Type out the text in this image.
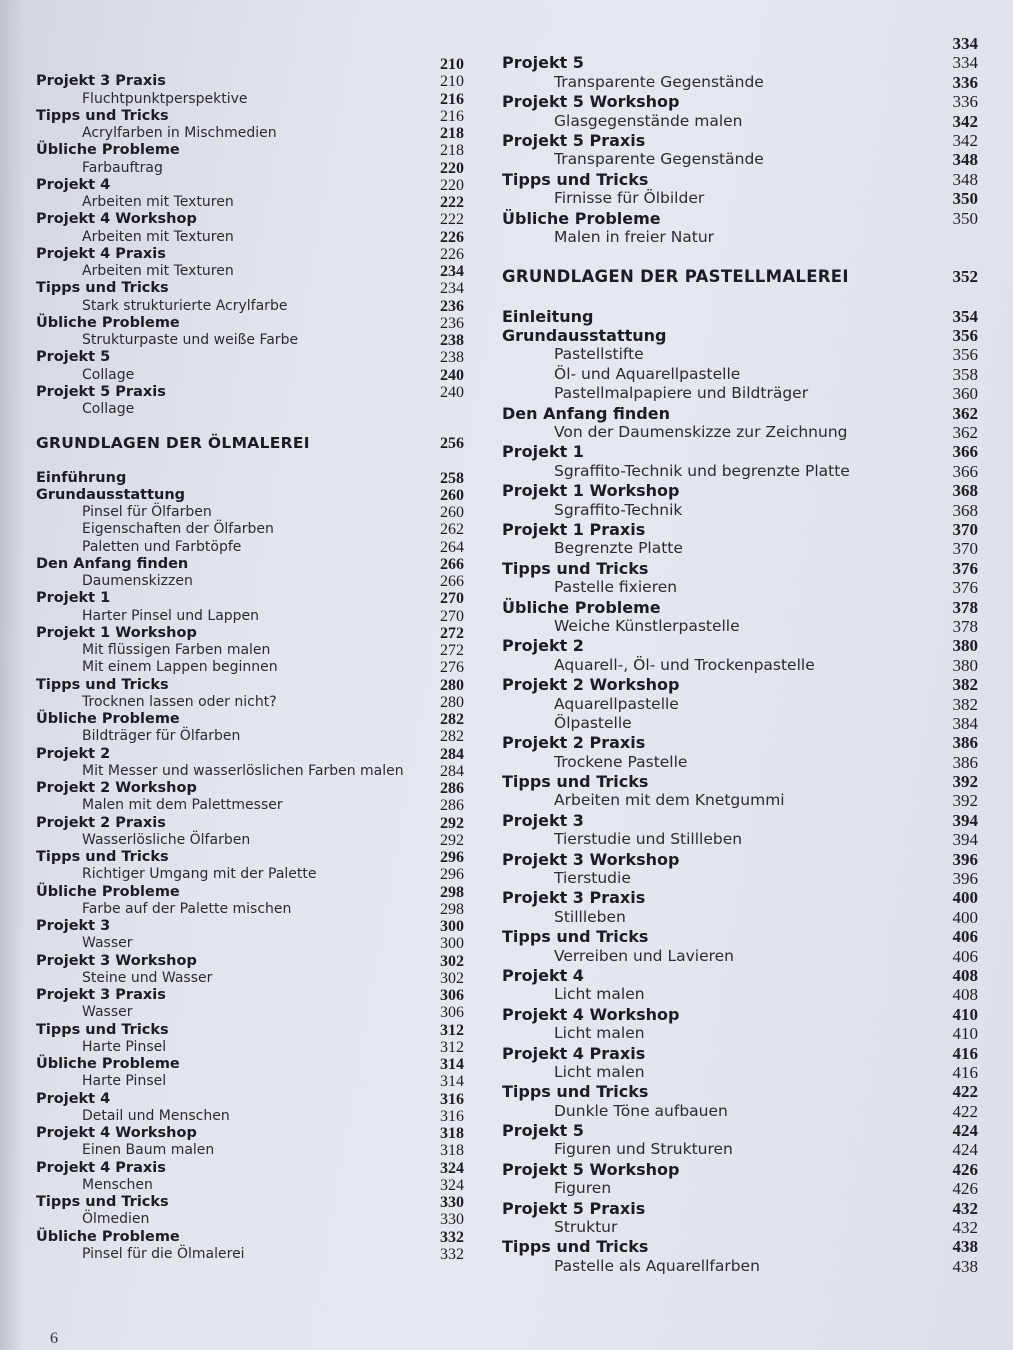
210
Projekt 3 Praxis	210
Fluchtpunktperspektive	216
Tipps und Tricks	216
Acrylfarben in Mischmedien	218
Übliche Probleme	218
Farbauftrag	220
Projekt 4	220
Arbeiten mit Texturen	222
Projekt 4 Workshop	222
Arbeiten mit Texturen	226
Projekt 4 Praxis	226
Arbeiten mit Texturen	234
Tipps und Tricks	234
Stark strukturierte Acrylfarbe	236
Übliche Probleme	236
Strukturpaste und weiße Farbe	238
Projekt 5	238
Collage	240
Projekt 5 Praxis	240
Collage
GRUNDLAGEN DER ÖLMALEREI	256
Einführung	258
Grundausstattung	260
Pinsel für Ölfarben	260
Eigenschaften der Ölfarben	262
Paletten und Farbtöpfe	264
Den Anfang finden	266
Daumenskizzen	266
Projekt 1	270
Harter Pinsel und Lappen	270
Projekt 1 Workshop	272
Mit flüssigen Farben malen	272
Mit einem Lappen beginnen	276
Tipps und Tricks	280
Trocknen lassen oder nicht?	280
Übliche Probleme	282
Bildträger für Ölfarben	282
Projekt 2	284
Mit Messer und wasserlöslichen Farben malen 284
Projekt 2 Workshop	286
Malen mit dem Palettmesser	286
Projekt 2 Praxis	292
Wasserlösliche Ölfarben	292
Tipps und Tricks	296
Richtiger Umgang mit der Palette	296
Übliche Probleme	298
Farbe auf der Palette mischen	298
Projekt 3	300
Wasser	300
Projekt 3 Workshop	302
Steine und Wasser	302
Projekt 3 Praxis	306
Wasser	306
Tipps und Tricks	312
Harte Pinsel	312
Übliche Probleme	314
Harte Pinsel	314
Projekt 4	316
Detail und Menschen	316
Projekt 4 Workshop	318
Einen Baum malen	318
Projekt 4 Praxis	324
Menschen	324
Tipps und Tricks	330
Ölmedien	330
Übliche Probleme	332
Pinsel für die Ölmalerei	332
334
Projekt 5	334
Transparente Gegenstände	336
Projekt 5 Workshop	336
Glasgegenstände malen	342
Projekt 5 Praxis	342
Transparente Gegenstände	348
Tipps und Tricks	348
Firnisse für Ölbilder	350
Übliche Probleme	350
Malen in freier Natur
GRUNDLAGEN DER PASTELLMALEREI	352
Einleitung	354
Grundausstattung	356
Pastellstifte	356
Öl- und Aquarellpastelle	358
Pastellmalpapiere und Bildträger	360
Den Anfang finden	362
Von der Daumenskizze zur Zeichnung	362
Projekt 1	366
Sgraffito-Technik und begrenzte Platte	366
Projekt 1 Workshop	368
Sgraffito-Technik	368
Projekt 1 Praxis	370
Begrenzte Platte	370
Tipps und Tricks	376
Pastelle fixieren	376
Übliche Probleme	378
Weiche Künstlerpastelle	378
Projekt 2	380
Aquarell-, Öl- und Trockenpastelle	380
Projekt 2 Workshop	382
Aquarellpastelle	382
Ölpastelle	384
Projekt 2 Praxis	386
Trockene Pastelle	386
Tipps und Tricks	392
Arbeiten mit dem Knetgummi	392
Projekt 3	394
Tierstudie und Stillleben	394
Projekt 3 Workshop	396
Tierstudie	396
Projekt 3 Praxis	400
Stillleben	400
Tipps und Tricks	406
Verreiben und Lavieren	406
Projekt 4	408
Licht malen	408
Projekt 4 Workshop	410
Licht malen	410
Projekt 4 Praxis	416
Licht malen	416
Tipps und Tricks	422
Dunkle Töne aufbauen	422
Projekt 5	424
Figuren und Strukturen	424
Projekt 5 Workshop	426
Figuren	426
Projekt 5 Praxis	432
Struktur	432
Tipps und Tricks	438
Pastelle als Aquarellfarben	438
6
